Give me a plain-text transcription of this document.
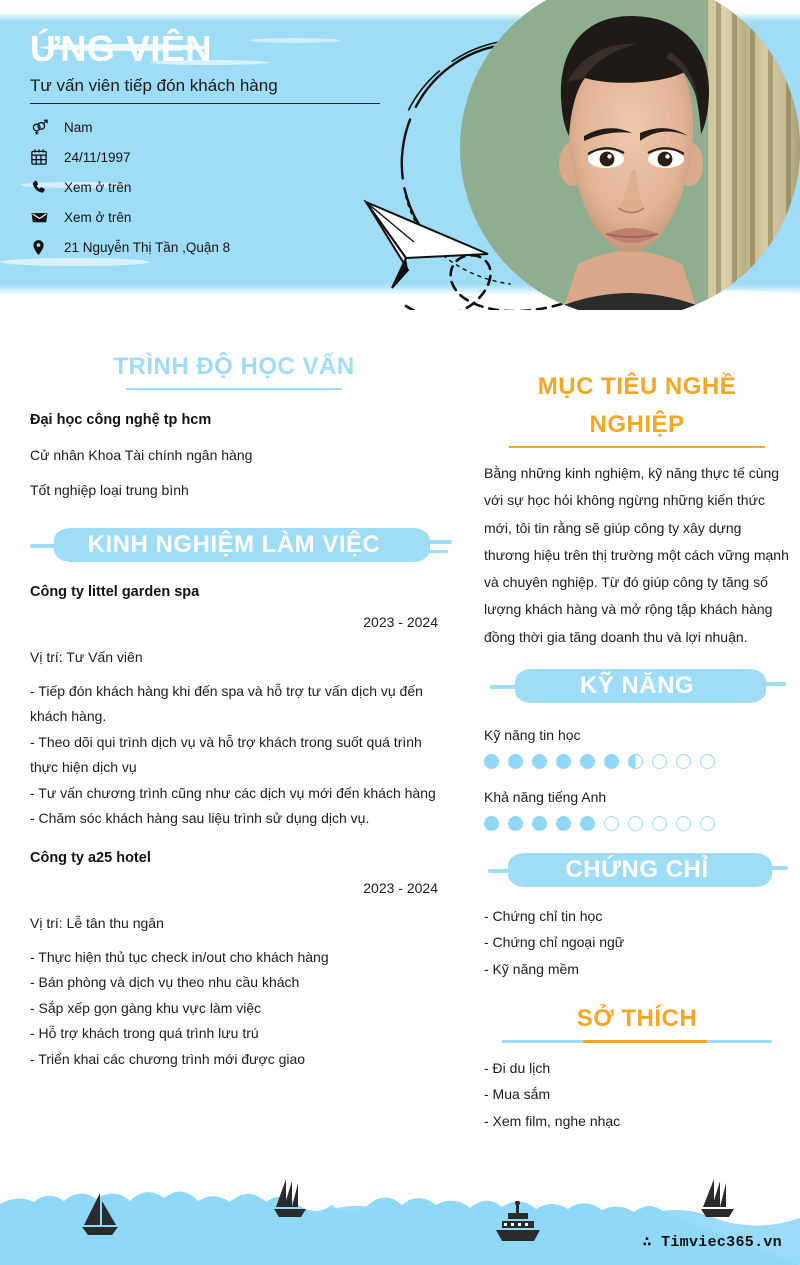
ỨNG VIÊN
Tư vấn viên tiếp đón khách hàng
Nam
24/11/1997
Xem ở trên
Xem ở trên
21 Nguyễn Thị Tần ,Quận 8
TRÌNH ĐỘ HỌC VẤN
Đại học công nghệ tp hcm
Cử nhân Khoa Tài chính ngân hàng
Tốt nghiệp loại trung bình
KINH NGHIỆM LÀM VIỆC
Công ty littel garden spa
2023 - 2024
Vị trí: Tư Vấn viên
- Tiếp đón khách hàng khi đến spa và hỗ trợ tư vấn dịch vụ đến khách hàng.
- Theo dõi qui trình dịch vụ và hỗ trợ khách trong suốt quá trình thực hiện dịch vụ
- Tư vấn chương trình cũng như các dịch vụ mới đến khách hàng
- Chăm sóc khách hàng sau liệu trình sử dụng dịch vụ.
Công ty a25 hotel
2023 - 2024
Vị trí: Lễ tân thu ngân
- Thực hiện thủ tục check in/out cho khách hàng
- Bán phòng và dịch vụ theo nhu cầu khách
- Sắp xếp gọn gàng khu vực làm việc
- Hỗ trợ khách trong quá trình lưu trú
- Triển khai các chương trình mới được giao
MỤC TIÊU NGHỀ
NGHIỆP
Bằng những kinh nghiệm, kỹ năng thực tế cùng với sự học hỏi không ngừng những kiến thức mới, tôi tin rằng sẽ giúp công ty xây dựng thương hiệu trên thị trường một cách vững mạnh và chuyên nghiệp. Từ đó giúp công ty tăng số lượng khách hàng và mở rộng tập khách hàng đồng thời gia tăng doanh thu và lợi nhuận.
KỸ NĂNG
Kỹ năng tin học
Khả năng tiếng Anh
CHỨNG CHỈ
- Chứng chỉ tin học
- Chứng chỉ ngoại ngữ
- Kỹ năng mềm
SỞ THÍCH
- Đi du lịch
- Mua sắm
- Xem film, nghe nhạc
∴ Timviec365.vn
